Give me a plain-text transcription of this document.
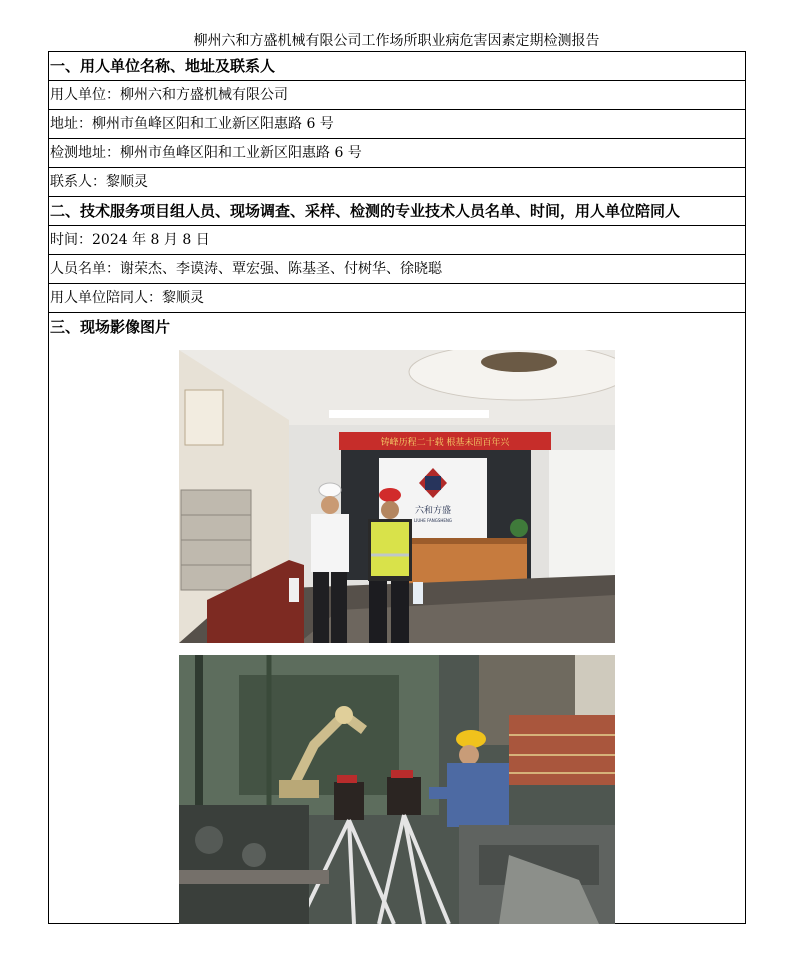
柳州六和方盛机械有限公司工作场所职业病危害因素定期检测报告
一、用人单位名称、地址及联系人
用人单位：柳州六和方盛机械有限公司
地址：柳州市鱼峰区阳和工业新区阳惠路 6 号
检测地址：柳州市鱼峰区阳和工业新区阳惠路 6 号
联系人：黎顺灵
二、技术服务项目组人员、现场调查、采样、检测的专业技术人员名单、时间，用人单位陪同人
时间：2024 年 8 月 8 日
人员名单：谢荣杰、李谟涛、覃宏强、陈基圣、付树华、徐晓聪
用人单位陪同人：黎顺灵
三、现场影像图片
铸峰历程二十载 根基未固百年兴
六和方盛
LIUHE FANGSHENG
